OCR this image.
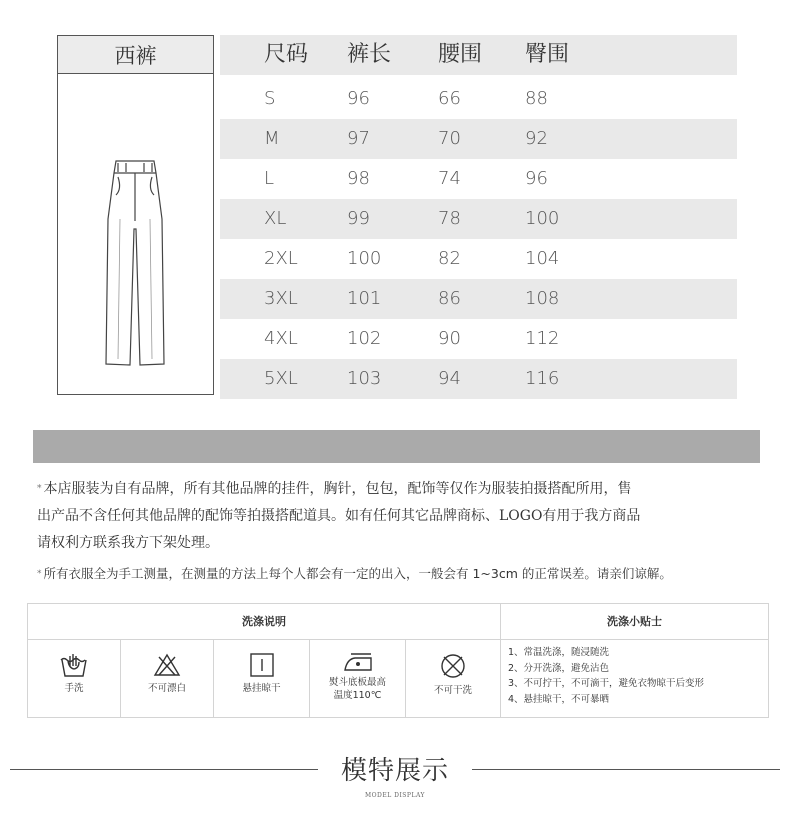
西裤	尺码 裤长 腰围 臀围
S	96	66	88
M	97	70	92
L	98	74	96
XL	99	78	100
2XL	100	82	104
3XL	101	86	108
4XL	102	90	112
5XL	103	94	116
* 本店服装为自有品牌，所有其他品牌的挂件，胸针，包包，配饰等仅作为服装拍摄搭配所用，售
出产品不含任何其他品牌的配饰等拍摄搭配道具。如有任何其它品牌商标、LOGO有用于我方商品
请权利方联系我方下架处理。
* 所有衣服全为手工测量，在测量的方法上每个人都会有一定的出入，一般会有 1~3cm 的正常误差。请亲们谅解。
洗涤说明	洗涤小贴士
手洗	不可漂白	悬挂晾干
熨斗底板最高
温度110℃	不可干洗
1、常温洗涤，随浸随洗
2、分开洗涤，避免沾色
3、不可拧干，不可滴干，避免衣物晾干后变形
4、悬挂晾干，不可暴晒
模特展示
MODEL DISPLAY
